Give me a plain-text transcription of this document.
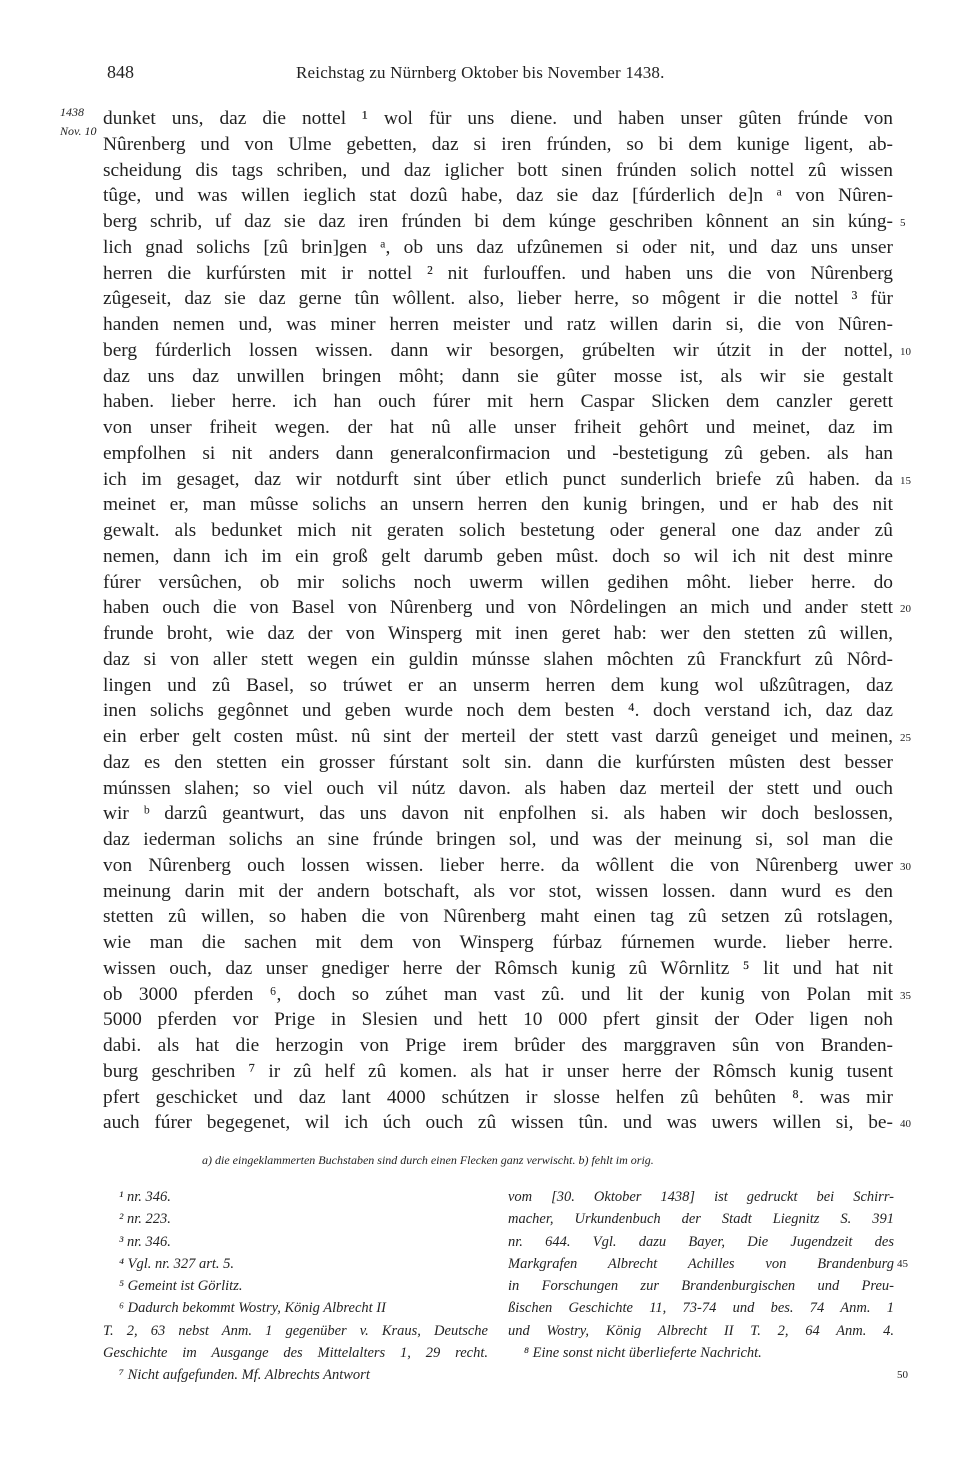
848	Reichstag zu Nürnberg Oktober bis November 1438.
1438
Nov. 10
dunket uns, daz die nottel ¹ wol für uns diene. und haben unser gûten frúnde von
Nûrenberg und von Ulme gebetten, daz si iren frúnden, so bi dem kunige ligent, ab-
scheidung dis tags schriben, und daz iglicher bott sinen frúnden solich nottel zû wissen
tûge, und was willen ieglich stat dozû habe, daz sie daz [fúrderlich de]n ᵃ von Nûren-
berg schrib, uf daz sie daz iren frúnden bi dem kúnge geschriben kônnent an sin kúng-
lich gnad solichs [zû brin]gen ᵃ, ob uns daz ufzûnemen si oder nit, und daz uns unser
herren die kurfúrsten mit ir nottel ² nit furlouffen. und haben uns die von Nûrenberg
zûgeseit, daz sie daz gerne tûn wôllent. also, lieber herre, so môgent ir die nottel ³ für
handen nemen und, was miner herren meister und ratz willen darin si, die von Nûren-
berg fúrderlich lossen wissen. dann wir besorgen, grúbelten wir útzit in der nottel,
daz uns daz unwillen bringen môht; dann sie gûter mosse ist, als wir sie gestalt
haben. lieber herre. ich han ouch fúrer mit hern Caspar Slicken dem canzler gerett
von unser friheit wegen. der hat nû alle unser friheit gehôrt und meinet, daz im
empfolhen si nit anders dann generalconfirmacion und -bestetigung zû geben. als han
ich im gesaget, daz wir notdurft sint úber etlich punct sunderlich briefe zû haben. da
meinet er, man mûsse solichs an unsern herren den kunig bringen, und er hab des nit
gewalt. als bedunket mich nit geraten solich bestetung oder general one daz ander zû
nemen, dann ich im ein groß gelt darumb geben mûst. doch so wil ich nit dest minre
fúrer versûchen, ob mir solichs noch uwerm willen gedihen môht. lieber herre. do
haben ouch die von Basel von Nûrenberg und von Nôrdelingen an mich und ander stett
frunde broht, wie daz der von Winsperg mit inen geret hab: wer den stetten zû willen,
daz si von aller stett wegen ein guldin múnsse slahen môchten zû Franckfurt zû Nôrd-
lingen und zû Basel, so trúwet er an unserm herren dem kung wol ußzûtragen, daz
inen solichs gegônnet und geben wurde noch dem besten ⁴. doch verstand ich, daz daz
ein erber gelt costen mûst. nû sint der merteil der stett vast darzû geneiget und meinen,
daz es den stetten ein grosser fúrstant solt sin. dann die kurfúrsten mûsten dest besser
múnssen slahen; so viel ouch vil nútz davon. als haben daz merteil der stett und ouch
wir ᵇ darzû geantwurt, das uns davon nit enpfolhen si. als haben wir doch beslossen,
daz iederman solichs an sine frúnde bringen sol, und was der meinung si, sol man die
von Nûrenberg ouch lossen wissen. lieber herre. da wôllent die von Nûrenberg uwer
meinung darin mit der andern botschaft, als vor stot, wissen lossen. dann wurd es den
stetten zû willen, so haben die von Nûrenberg maht einen tag zû setzen zû rotslagen,
wie man die sachen mit dem von Winsperg fúrbaz fúrnemen wurde. lieber herre.
wissen ouch, daz unser gnediger herre der Rômsch kunig zû Wôrnlitz ⁵ lit und hat nit
ob 3000 pferden ⁶, doch so zúhet man vast zû. und lit der kunig von Polan mit
5000 pferden vor Prige in Slesien und hett 10 000 pfert ginsit der Oder ligen noh
dabi. als hat die herzogin von Prige irem brûder des marggraven sûn von Branden-
burg geschriben ⁷ ir zû helf zû komen. als hat ir unser herre der Rômsch kunig tusent
pfert geschicket und daz lant 4000 schútzen ir slosse helfen zû behûten ⁸. was mir
auch fúrer begegenet, wil ich úch ouch zû wissen tûn. und was uwers willen si, be-
5
10
15
20
25
30
35
40
a) die eingeklammerten Buchstaben sind durch einen Flecken ganz verwischt. b) fehlt im orig.
¹ nr. 346.
² nr. 223.
³ nr. 346.
⁴ Vgl. nr. 327 art. 5.
⁵ Gemeint ist Görlitz.
⁶ Dadurch bekommt Wostry, König Albrecht II
T. 2, 63 nebst Anm. 1 gegenüber v. Kraus, Deutsche
Geschichte im Ausgange des Mittelalters 1, 29 recht.
⁷ Nicht aufgefunden. Mf. Albrechts Antwort
vom [30. Oktober 1438] ist gedruckt bei Schirr-
macher, Urkundenbuch der Stadt Liegnitz S. 391
nr. 644. Vgl. dazu Bayer, Die Jugendzeit des
Markgrafen Albrecht Achilles von Brandenburg
in Forschungen zur Brandenburgischen und Preu-
ßischen Geschichte 11, 73-74 und bes. 74 Anm. 1
und Wostry, König Albrecht II T. 2, 64 Anm. 4.
⁸ Eine sonst nicht überlieferte Nachricht.
45
50
